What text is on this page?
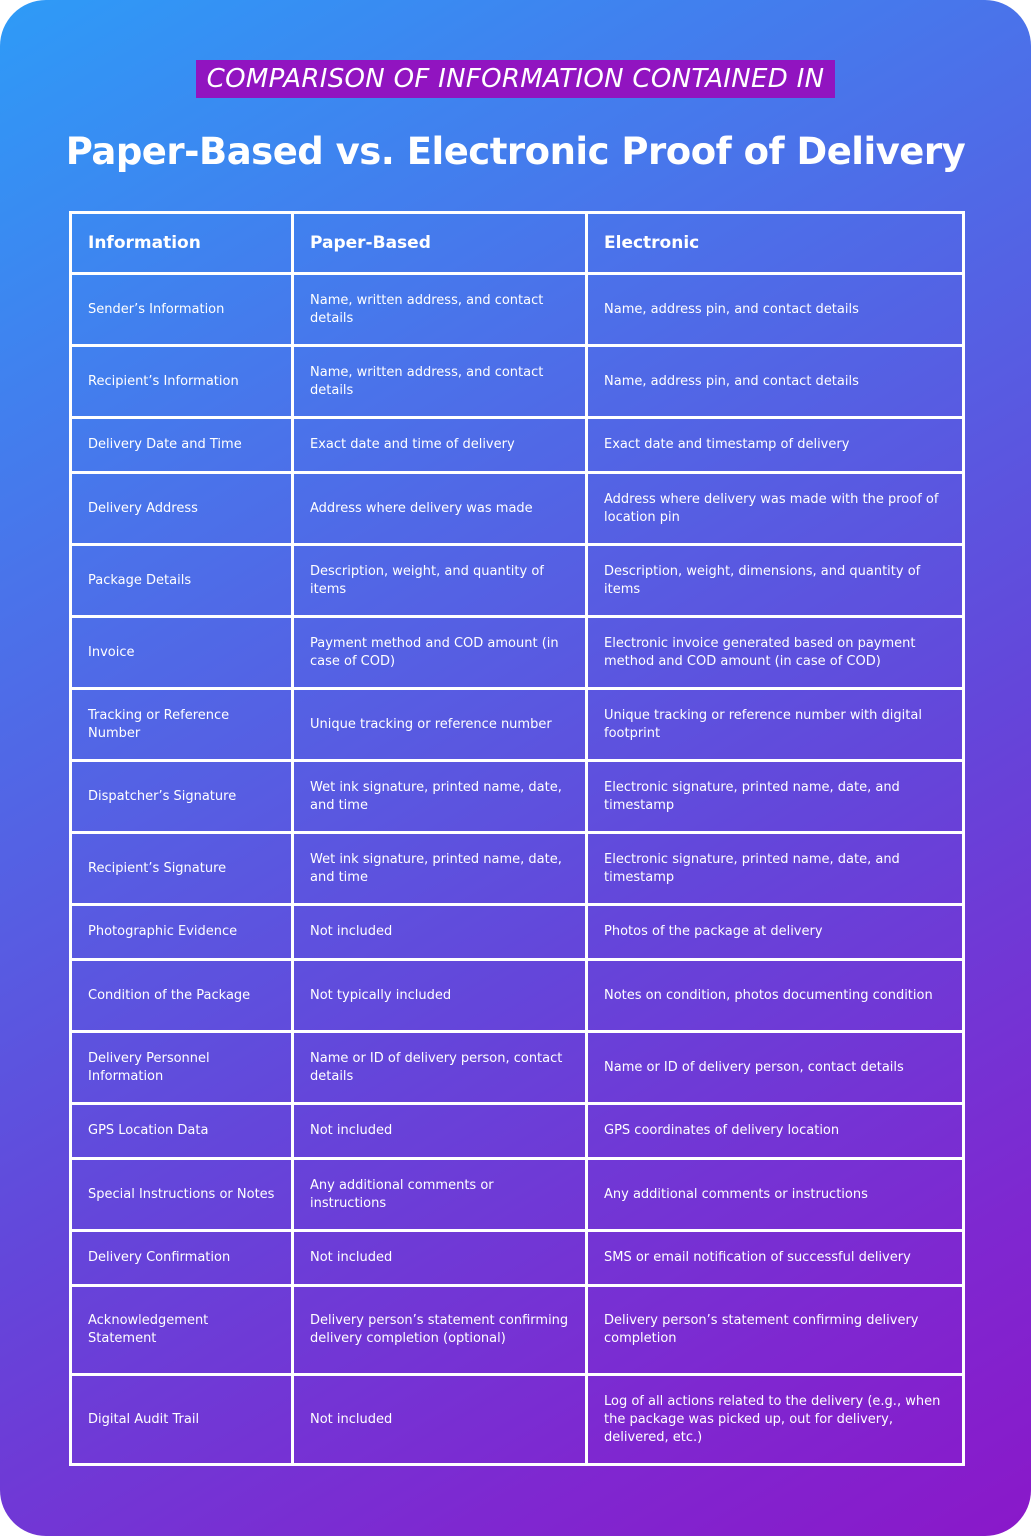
COMPARISON OF INFORMATION CONTAINED IN
Paper-Based vs. Electronic Proof of Delivery
Information	Paper-Based	Electronic
Sender’s Information	Name, written address, and contact details	Name, address pin, and contact details
Recipient’s Information	Name, written address, and contact details	Name, address pin, and contact details
Delivery Date and Time	Exact date and time of delivery	Exact date and timestamp of delivery
Delivery Address	Address where delivery was made	Address where delivery was made with the proof of location pin
Package Details	Description, weight, and quantity of items	Description, weight, dimensions, and quantity of items
Invoice	Payment method and COD amount (in case of COD)	Electronic invoice generated based on payment method and COD amount (in case of COD)
Tracking or Reference Number	Unique tracking or reference number	Unique tracking or reference number with digital footprint
Dispatcher’s Signature	Wet ink signature, printed name, date, and time	Electronic signature, printed name, date, and timestamp
Recipient’s Signature	Wet ink signature, printed name, date, and time	Electronic signature, printed name, date, and timestamp
Photographic Evidence	Not included	Photos of the package at delivery
Condition of the Package	Not typically included	Notes on condition, photos documenting condition
Delivery Personnel Information	Name or ID of delivery person, contact details	Name or ID of delivery person, contact details
GPS Location Data	Not included	GPS coordinates of delivery location
Special Instructions or Notes	Any additional comments or instructions	Any additional comments or instructions
Delivery Confirmation	Not included	SMS or email notification of successful delivery
Acknowledgement Statement	Delivery person’s statement confirming delivery completion (optional)	Delivery person’s statement confirming delivery completion
Digital Audit Trail	Not included	Log of all actions related to the delivery (e.g., when the package was picked up, out for delivery, delivered, etc.)
